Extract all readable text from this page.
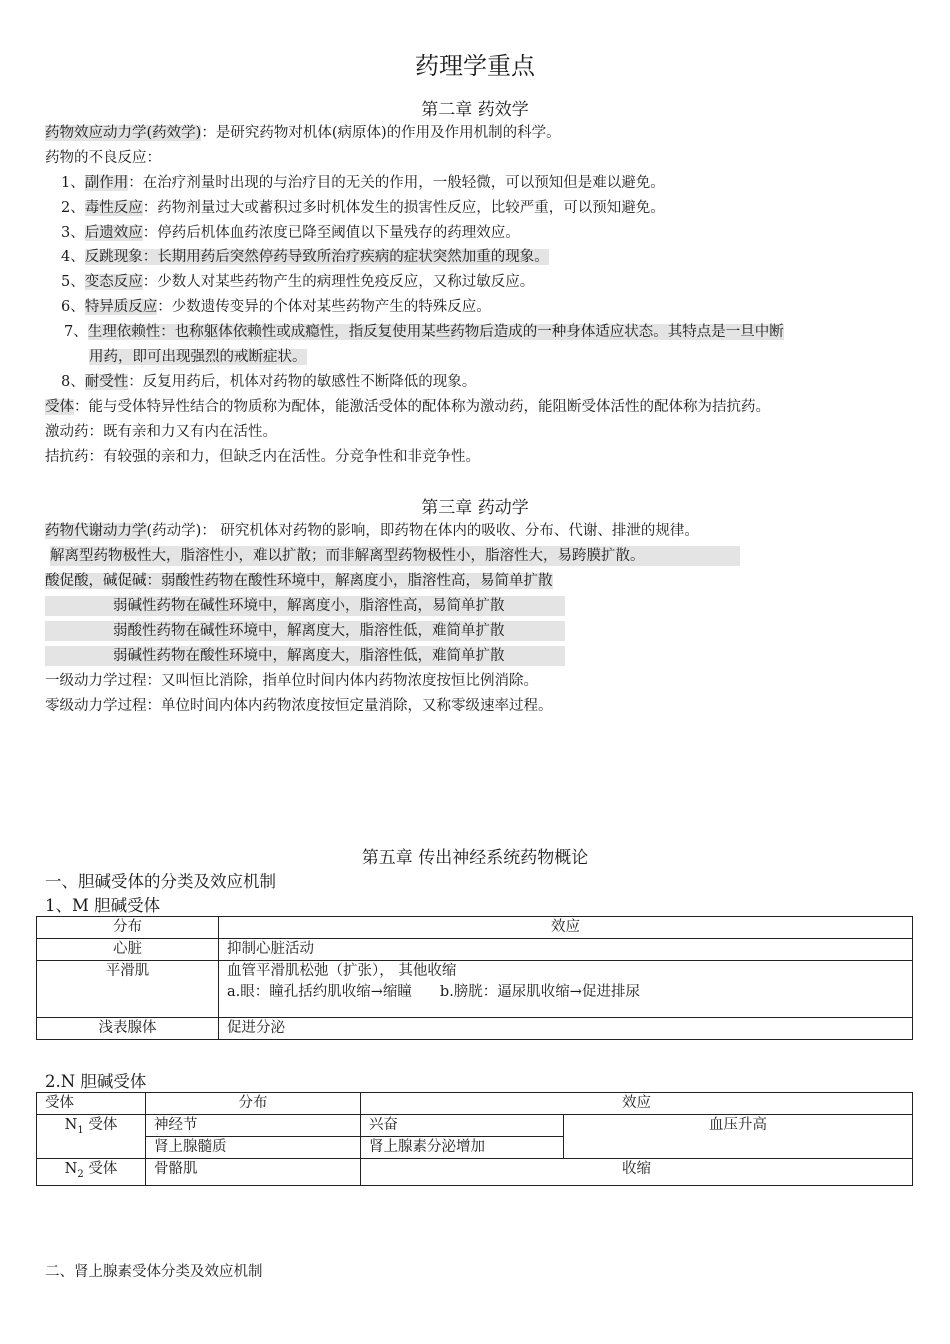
药理学重点
第二章 药效学
药物效应动力学(药效学)：是研究药物对机体(病原体)的作用及作用机制的科学。
药物的不良反应：
1、副作用：在治疗剂量时出现的与治疗目的无关的作用，一般轻微，可以预知但是难以避免。
2、毒性反应：药物剂量过大或蓄积过多时机体发生的损害性反应，比较严重，可以预知避免。
3、后遗效应：停药后机体血药浓度已降至阈值以下量残存的药理效应。
4、反跳现象：长期用药后突然停药导致所治疗疾病的症状突然加重的现象。
5、变态反应：少数人对某些药物产生的病理性免疫反应，又称过敏反应。
6、特异质反应：少数遗传变异的个体对某些药物产生的特殊反应。
7、生理依赖性：也称躯体依赖性或成瘾性，指反复使用某些药物后造成的一种身体适应状态。其特点是一旦中断
用药，即可出现强烈的戒断症状。
8、耐受性：反复用药后，机体对药物的敏感性不断降低的现象。
受体：能与受体特异性结合的物质称为配体，能激活受体的配体称为激动药，能阻断受体活性的配体称为拮抗药。
激动药：既有亲和力又有内在活性。
拮抗药：有较强的亲和力，但缺乏内在活性。分竞争性和非竞争性。
第三章 药动学
药物代谢动力学(药动学)： 研究机体对药物的影响，即药物在体内的吸收、分布、代谢、排泄的规律。
解离型药物极性大，脂溶性小，难以扩散；而非解离型药物极性小，脂溶性大，易跨膜扩散。
酸促酸，碱促碱：弱酸性药物在酸性环境中，解离度小，脂溶性高，易简单扩散
弱碱性药物在碱性环境中，解离度小，脂溶性高，易简单扩散
弱酸性药物在碱性环境中，解离度大，脂溶性低，难简单扩散
弱碱性药物在酸性环境中，解离度大，脂溶性低，难简单扩散
一级动力学过程：又叫恒比消除，指单位时间内体内药物浓度按恒比例消除。
零级动力学过程：单位时间内体内药物浓度按恒定量消除，又称零级速率过程。
第五章 传出神经系统药物概论
一、胆碱受体的分类及效应机制
1、M 胆碱受体
分布	效应
心脏	抑制心脏活动
平滑肌	血管平滑肌松弛（扩张）， 其他收缩
a.眼：瞳孔括约肌收缩→缩瞳 b.膀胱：逼尿肌收缩→促进排尿

浅表腺体	促进分泌
2.N 胆碱受体
受体	分布	效应	
$N_1$ 受体	神经节	兴奋	血压升高
	肾上腺髓质	肾上腺素分泌增加	
$N_2$ 受体	骨骼肌	收缩	
二、肾上腺素受体分类及效应机制
